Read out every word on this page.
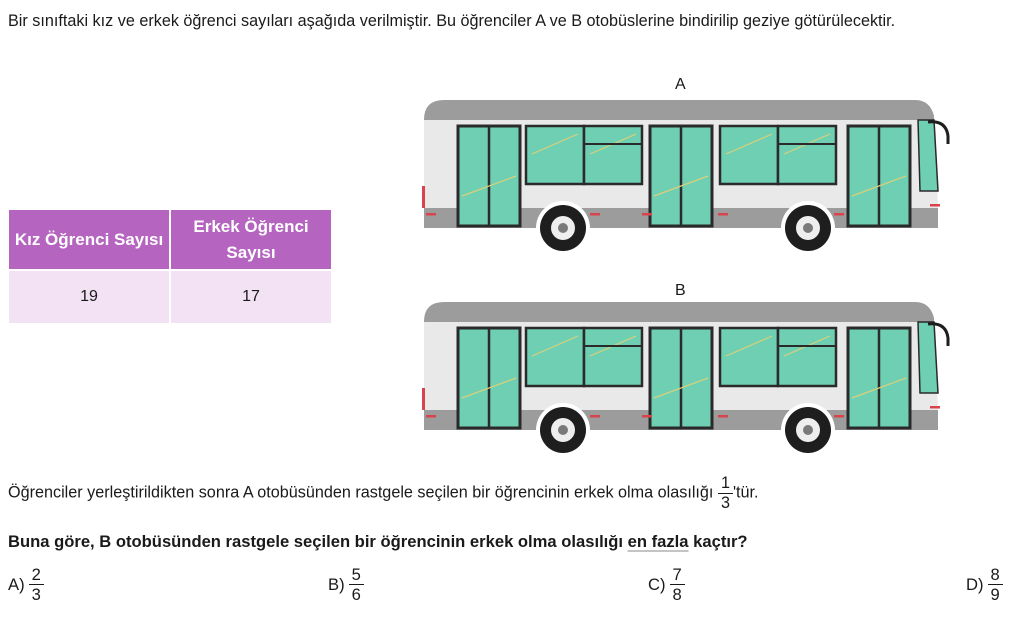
Bir sınıftaki kız ve erkek öğrenci sayıları aşağıda verilmiştir. Bu öğrenciler A ve B otobüslerine bindirilip geziye götürülecektir.
Kız Öğrenci Sayısı	Erkek Öğrenci Sayısı
19	17
A
B
Öğrenciler yerleştirildikten sonra A otobüsünden rastgele seçilen bir öğrencinin erkek olma olasılığı $\frac{1}{3}$ 'tür.
Buna göre, B otobüsünden rastgele seçilen bir öğrencinin erkek olma olasılığı en fazla kaçtır?
$A) \frac{2}{3}$	$B) \frac{5}{6}$	$C) \frac{7}{8}$	$D) \frac{8}{9}$
